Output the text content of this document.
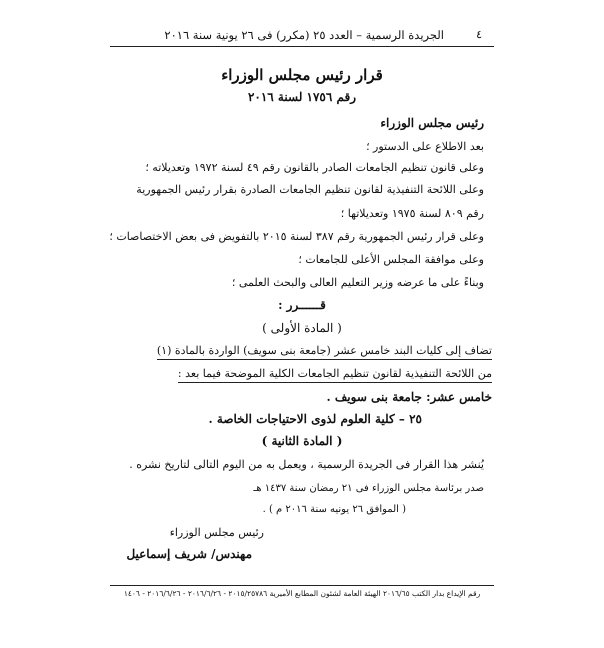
٤
الجريدة الرسمية – العدد ٢٥ (مكرر) فى ٢٦ يونية سنة ٢٠١٦
قرار رئيس مجلس الوزراء
رقم ١٧٥٦ لسنة ٢٠١٦
رئيس مجلس الوزراء
بعد الاطلاع على الدستور ؛
وعلى قانون تنظيم الجامعات الصادر بالقانون رقم ٤٩ لسنة ١٩٧٢ وتعديلاته ؛
وعلى اللائحة التنفيذية لقانون تنظيم الجامعات الصادرة بقرار رئيس الجمهورية
رقم ٨٠٩ لسنة ١٩٧٥ وتعديلاتها ؛
وعلى قرار رئيس الجمهورية رقم ٣٨٧ لسنة ٢٠١٥ بالتفويض فى بعض الاختصاصات ؛
وعلى موافقة المجلس الأعلى للجامعات ؛
وبناءً على ما عرضه وزير التعليم العالى والبحث العلمى ؛
قــــــرر :
( المادة الأولى )
تضاف إلى كليات البند خامس عشر (جامعة بنى سويف) الواردة بالمادة (١)
من اللائحة التنفيذية لقانون تنظيم الجامعات الكلية الموضحة فيما بعد :
خامس عشر: جامعة بنى سويف .
٢٥ – كلية العلوم لذوى الاحتياجات الخاصة .
( المادة الثانية )
يُنشر هذا القرار فى الجريدة الرسمية ، ويعمل به من اليوم التالى لتاريخ نشره .
صدر برئاسة مجلس الوزراء فى ٢١ رمضان سنة ١٤٣٧ هـ
( الموافق ٢٦ يونيه سنة ٢٠١٦ م ) .
رئيس مجلس الوزراء
مهندس/ شريف إسماعيل
رقم الإيداع بدار الكتب ٢٠١٦/٦٥ الهيئة العامة لشئون المطابع الأميرية ٢٠١٥/٢٥٧٨٦ - ٢٠١٦/٦/٢٦ - ٢٠١٦/٦/٢٦ - ١٤٠٦
